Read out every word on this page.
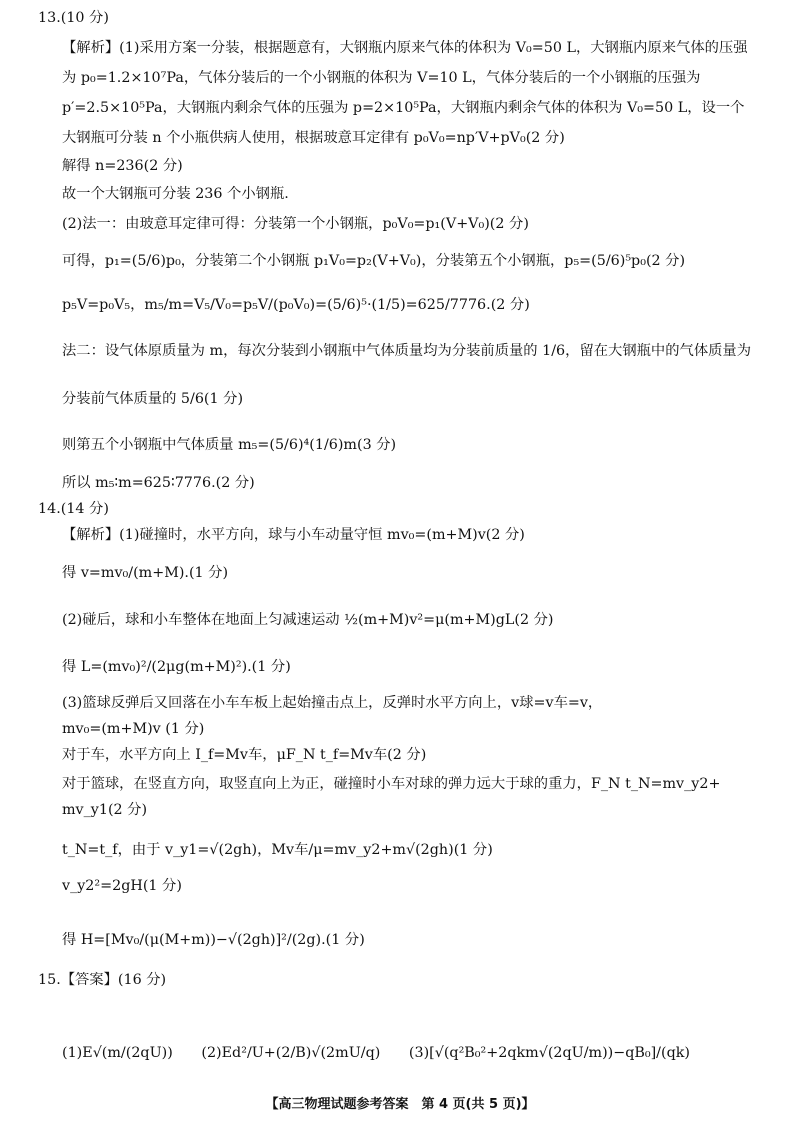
13.(10 分)
【解析】(1)采用方案一分装，根据题意有，大钢瓶内原来气体的体积为 V₀=50 L，大钢瓶内原来气体的压强
为 p₀=1.2×10⁷Pa，气体分装后的一个小钢瓶的体积为 V=10 L，气体分装后的一个小钢瓶的压强为
p′=2.5×10⁵Pa，大钢瓶内剩余气体的压强为 p=2×10⁵Pa，大钢瓶内剩余气体的体积为 V₀=50 L，设一个
大钢瓶可分装 n 个小瓶供病人使用，根据玻意耳定律有 p₀V₀=np′V+pV₀(2 分)
解得 n=236(2 分)
故一个大钢瓶可分装 236 个小钢瓶.
(2)法一：由玻意耳定律可得：分装第一个小钢瓶，p₀V₀=p₁(V+V₀)(2 分)
可得，p₁=(5/6)p₀，分装第二个小钢瓶 p₁V₀=p₂(V+V₀)，分装第五个小钢瓶，p₅=(5/6)⁵p₀(2 分)
p₅V=p₀V₅，m₅/m=V₅/V₀=p₅V/(p₀V₀)=(5/6)⁵·(1/5)=625/7776.(2 分)
法二：设气体原质量为 m，每次分装到小钢瓶中气体质量均为分装前质量的 1/6，留在大钢瓶中的气体质量为
分装前气体质量的 5/6(1 分)
则第五个小钢瓶中气体质量 m₅=(5/6)⁴(1/6)m(3 分)
所以 m₅∶m=625∶7776.(2 分)
14.(14 分)
【解析】(1)碰撞时，水平方向，球与小车动量守恒 mv₀=(m+M)v(2 分)
得 v=mv₀/(m+M).(1 分)
(2)碰后，球和小车整体在地面上匀减速运动 ½(m+M)v²=μ(m+M)gL(2 分)
得 L=(mv₀)²/(2μg(m+M)²).(1 分)
(3)篮球反弹后又回落在小车车板上起始撞击点上，反弹时水平方向上，v球=v车=v，
mv₀=(m+M)v (1 分)
对于车，水平方向上 I_f=Mv车，μF_N t_f=Mv车(2 分)
对于篮球，在竖直方向，取竖直向上为正，碰撞时小车对球的弹力远大于球的重力，F_N t_N=mv_y2+
mv_y1(2 分)
t_N=t_f，由于 v_y1=√(2gh)，Mv车/μ=mv_y2+m√(2gh)(1 分)
v_y2²=2gH(1 分)
得 H=[Mv₀/(μ(M+m))−√(2gh)]²/(2g).(1 分)
15.【答案】(16 分)
(1)E√(m/(2qU))　　(2)Ed²/U+(2/B)√(2mU/q)　　(3)[√(q²B₀²+2qkm√(2qU/m))−qB₀]/(qk)
【高三物理试题参考答案　第 4 页(共 5 页)】
